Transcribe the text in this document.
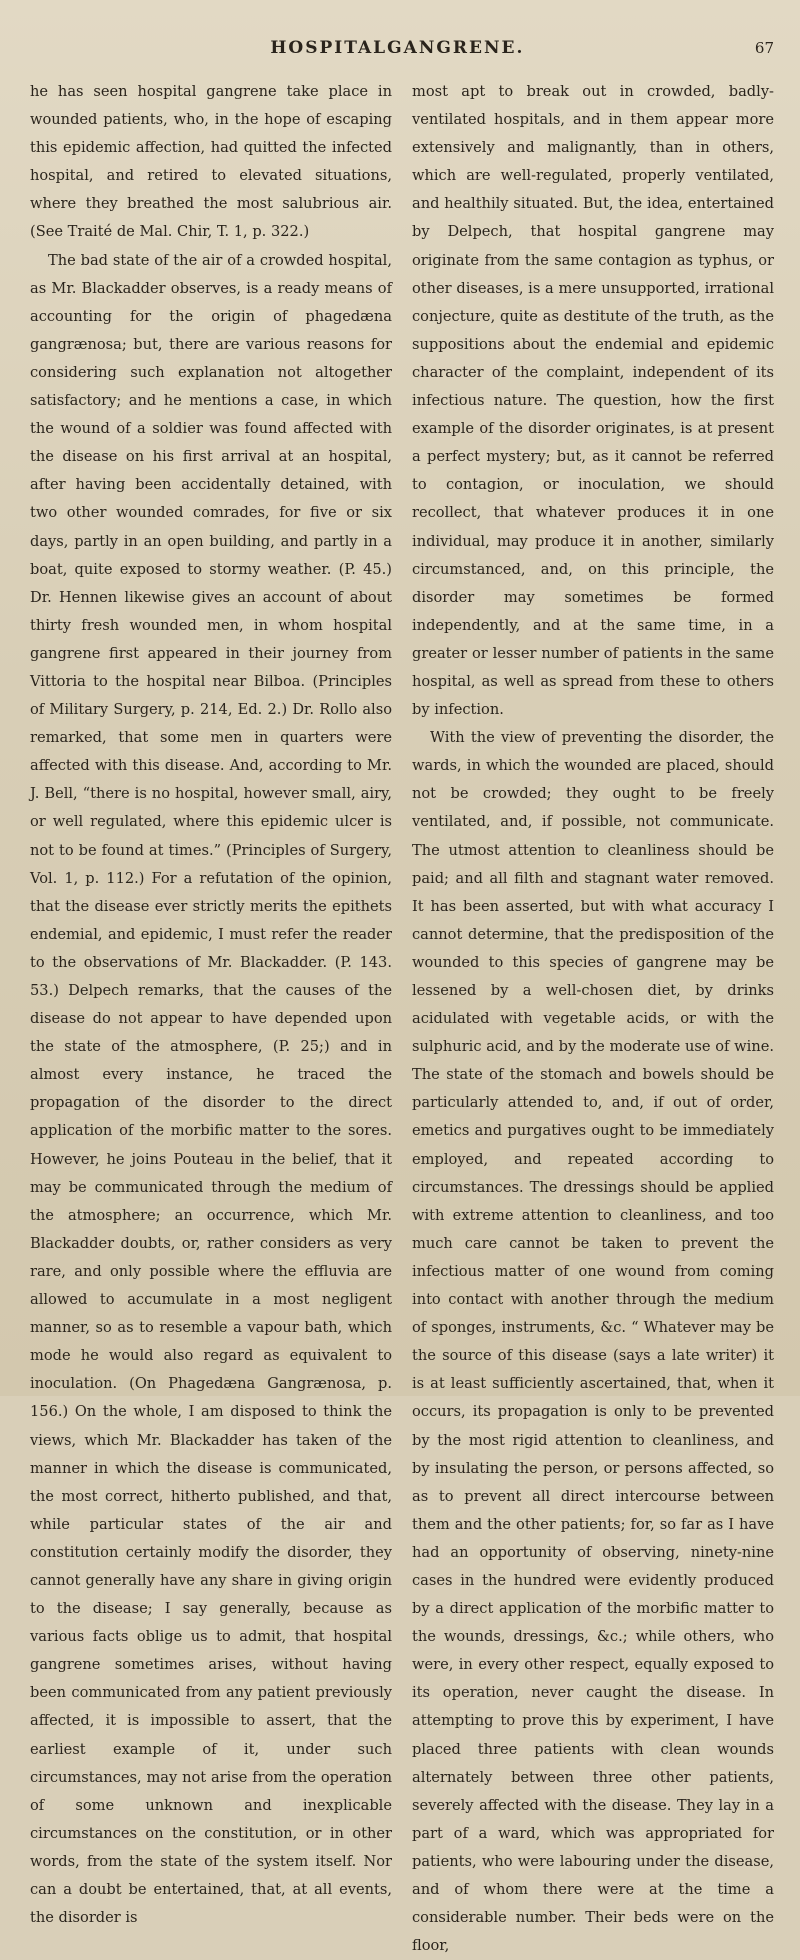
HOSPITAL GANGRENE.	67

he has seen hospital gangrene take place in wounded patients, who, in the hope of escaping this epidemic affection, had quitted the infected hospital, and retired to elevated situations, where they breathed the most salubrious air. (See Traité de Mal. Chir, T. 1, p. 322.)

The bad state of the air of a crowded hospital, as Mr. Blackadder observes, is a ready means of accounting for the origin of phagedæna gangrænosa; but, there are various reasons for considering such explanation not altogether satisfactory; and he mentions a case, in which the wound of a soldier was found affected with the disease on his first arrival at an hospital, after having been accidentally detained, with two other wounded comrades, for five or six days, partly in an open building, and partly in a boat, quite exposed to stormy weather. (P. 45.) Dr. Hennen likewise gives an account of about thirty fresh wounded men, in whom hospital gangrene first appeared in their journey from Vittoria to the hospital near Bilboa. (Principles of Military Surgery, p. 214, Ed. 2.) Dr. Rollo also remarked, that some men in quarters were affected with this disease. And, according to Mr. J. Bell, “there is no hospital, however small, airy, or well regulated, where this epidemic ulcer is not to be found at times.” (Principles of Surgery, Vol. 1, p. 112.) For a refutation of the opinion, that the disease ever strictly merits the epithets endemial, and epidemic, I must refer the reader to the observations of Mr. Blackadder. (P. 143. 53.) Delpech remarks, that the causes of the disease do not appear to have depended upon the state of the atmosphere, (P. 25;) and in almost every instance, he traced the propagation of the disorder to the direct application of the morbific matter to the sores. However, he joins Pouteau in the belief, that it may be communicated through the medium of the atmosphere; an occurrence, which Mr. Blackadder doubts, or, rather considers as very rare, and only possible where the effluvia are allowed to accumulate in a most negligent manner, so as to resemble a vapour bath, which mode he would also regard as equivalent to inoculation. (On Phagedæna Gangrænosa, p. 156.) On the whole, I am disposed to think the views, which Mr. Blackadder has taken of the manner in which the disease is communicated, the most correct, hitherto published, and that, while particular states of the air and constitution certainly modify the disorder, they cannot generally have any share in giving origin to the disease; I say generally, because as various facts oblige us to admit, that hospital gangrene sometimes arises, without having been communicated from any patient previously affected, it is impossible to assert, that the earliest example of it, under such circumstances, may not arise from the operation of some unknown and inexplicable circumstances on the constitution, or in other words, from the state of the system itself. Nor can a doubt be entertained, that, at all events, the disorder is

most apt to break out in crowded, badly-ventilated hospitals, and in them appear more extensively and malignantly, than in others, which are well-regulated, properly ventilated, and healthily situated. But, the idea, entertained by Delpech, that hospital gangrene may originate from the same contagion as typhus, or other diseases, is a mere unsupported, irrational conjecture, quite as destitute of the truth, as the suppositions about the endemial and epidemic character of the complaint, independent of its infectious nature. The question, how the first example of the disorder originates, is at present a perfect mystery; but, as it cannot be referred to contagion, or inoculation, we should recollect, that whatever produces it in one individual, may produce it in another, similarly circumstanced, and, on this principle, the disorder may sometimes be formed independently, and at the same time, in a greater or lesser number of patients in the same hospital, as well as spread from these to others by infection.

With the view of preventing the disorder, the wards, in which the wounded are placed, should not be crowded; they ought to be freely ventilated, and, if possible, not communicate. The utmost attention to cleanliness should be paid; and all filth and stagnant water removed. It has been asserted, but with what accuracy I cannot determine, that the predisposition of the wounded to this species of gangrene may be lessened by a well-chosen diet, by drinks acidulated with vegetable acids, or with the sulphuric acid, and by the moderate use of wine. The state of the stomach and bowels should be particularly attended to, and, if out of order, emetics and purgatives ought to be immediately employed, and repeated according to circumstances. The dressings should be applied with extreme attention to cleanliness, and too much care cannot be taken to prevent the infectious matter of one wound from coming into contact with another through the medium of sponges, instruments, &c. “ Whatever may be the source of this disease (says a late writer) it is at least sufficiently ascertained, that, when it occurs, its propagation is only to be prevented by the most rigid attention to cleanliness, and by insulating the person, or persons affected, so as to prevent all direct intercourse between them and the other patients; for, so far as I have had an opportunity of observing, ninety-nine cases in the hundred were evidently produced by a direct application of the morbific matter to the wounds, dressings, &c.; while others, who were, in every other respect, equally exposed to its operation, never caught the disease. In attempting to prove this by experiment, I have placed three patients with clean wounds alternately between three other patients, severely affected with the disease. They lay in a part of a ward, which was appropriated for patients, who were labouring under the disease, and of whom there were at the time a considerable number. Their beds were on the floor,
